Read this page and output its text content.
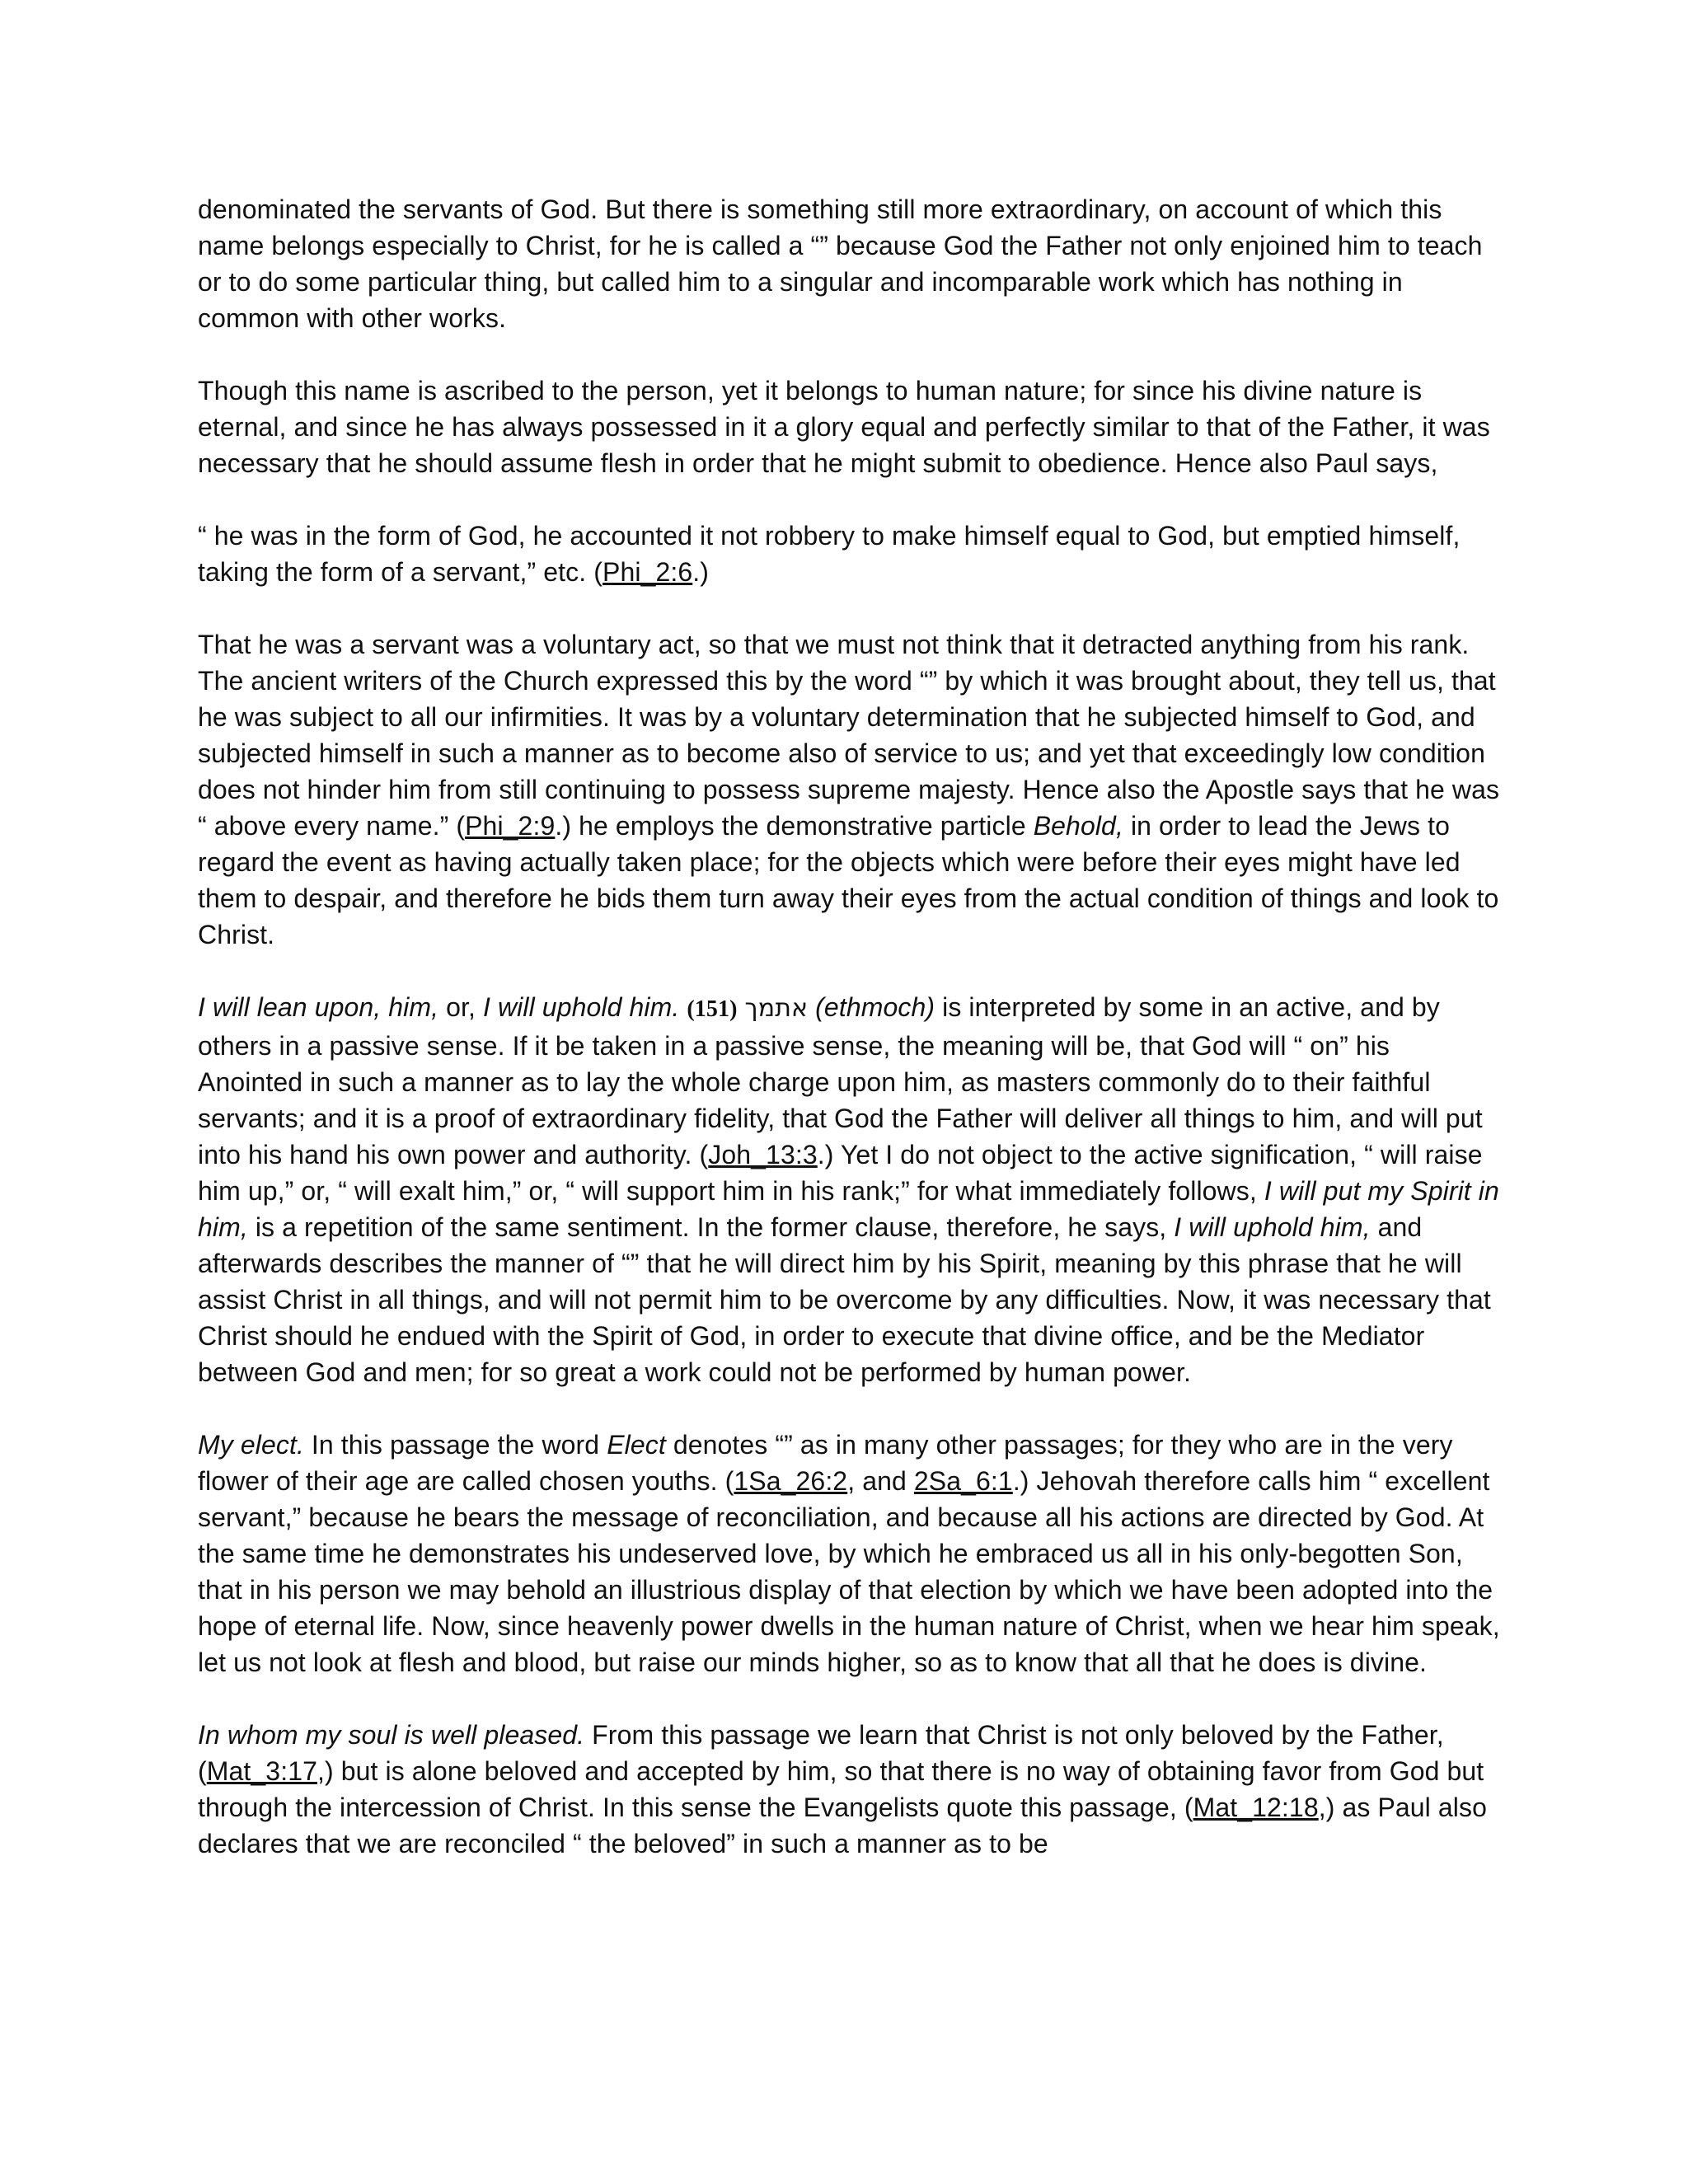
denominated the servants of God. But there is something still more extraordinary, on account of which this name belongs especially to Christ, for he is called a “” because God the Father not only enjoined him to teach or to do some particular thing, but called him to a singular and incomparable work which has nothing in common with other works.

Though this name is ascribed to the person, yet it belongs to human nature; for since his divine nature is eternal, and since he has always possessed in it a glory equal and perfectly similar to that of the Father, it was necessary that he should assume flesh in order that he might submit to obedience. Hence also Paul says,

“ he was in the form of God, he accounted it not robbery to make himself equal to God, but emptied himself, taking the form of a servant,” etc. (Phi_2:6.)

That he was a servant was a voluntary act, so that we must not think that it detracted anything from his rank. The ancient writers of the Church expressed this by the word “” by which it was brought about, they tell us, that he was subject to all our infirmities. It was by a voluntary determination that he subjected himself to God, and subjected himself in such a manner as to become also of service to us; and yet that exceedingly low condition does not hinder him from still continuing to possess supreme majesty. Hence also the Apostle says that he was “ above every name.” (Phi_2:9.) he employs the demonstrative particle Behold, in order to lead the Jews to regard the event as having actually taken place; for the objects which were before their eyes might have led them to despair, and therefore he bids them turn away their eyes from the actual condition of things and look to Christ.

I will lean upon, him, or, I will uphold him. (151) אתמך (ethmoch) is interpreted by some in an active, and by others in a passive sense. If it be taken in a passive sense, the meaning will be, that God will “ on” his Anointed in such a manner as to lay the whole charge upon him, as masters commonly do to their faithful servants; and it is a proof of extraordinary fidelity, that God the Father will deliver all things to him, and will put into his hand his own power and authority. (Joh_13:3.) Yet I do not object to the active signification, “ will raise him up,” or, “ will exalt him,” or, “ will support him in his rank;” for what immediately follows, I will put my Spirit in him, is a repetition of the same sentiment. In the former clause, therefore, he says, I will uphold him, and afterwards describes the manner of “” that he will direct him by his Spirit, meaning by this phrase that he will assist Christ in all things, and will not permit him to be overcome by any difficulties. Now, it was necessary that Christ should he endued with the Spirit of God, in order to execute that divine office, and be the Mediator between God and men; for so great a work could not be performed by human power.

My elect. In this passage the word Elect denotes “” as in many other passages; for they who are in the very flower of their age are called chosen youths. (1Sa_26:2, and 2Sa_6:1.) Jehovah therefore calls him “ excellent servant,” because he bears the message of reconciliation, and because all his actions are directed by God. At the same time he demonstrates his undeserved love, by which he embraced us all in his only-begotten Son, that in his person we may behold an illustrious display of that election by which we have been adopted into the hope of eternal life. Now, since heavenly power dwells in the human nature of Christ, when we hear him speak, let us not look at flesh and blood, but raise our minds higher, so as to know that all that he does is divine.

In whom my soul is well pleased. From this passage we learn that Christ is not only beloved by the Father, (Mat_3:17,) but is alone beloved and accepted by him, so that there is no way of obtaining favor from God but through the intercession of Christ. In this sense the Evangelists quote this passage, (Mat_12:18,) as Paul also declares that we are reconciled “ the beloved” in such a manner as to be
